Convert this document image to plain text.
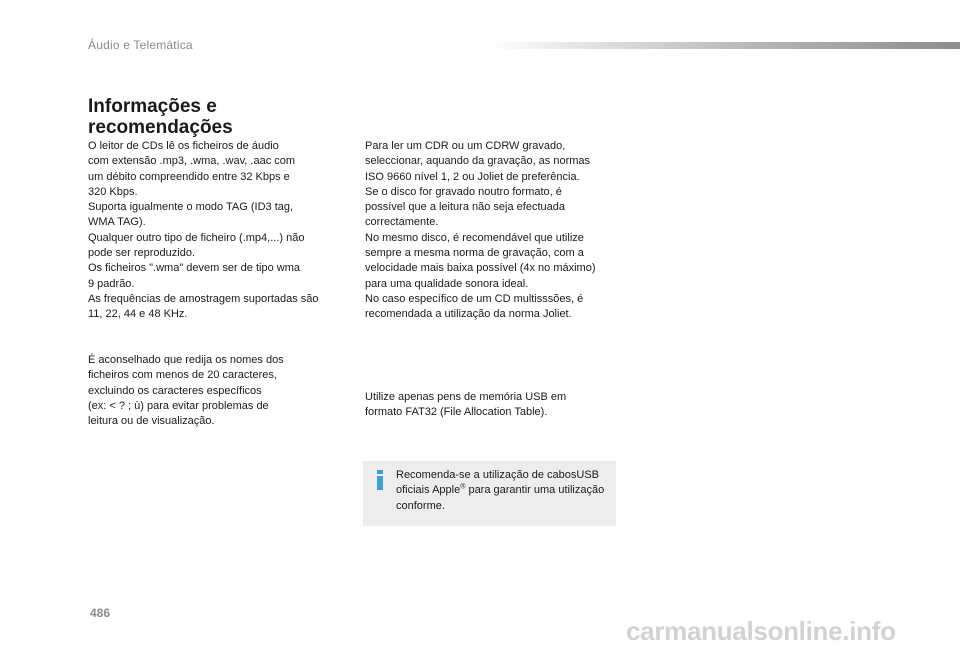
Áudio e Telemática
Informações e recomendações
O leitor de CDs lê os ficheiros de áudio
com extensão .mp3, .wma, .wav, .aac com
um débito compreendido entre 32 Kbps e
320 Kbps.
Suporta igualmente o modo TAG (ID3 tag,
WMA TAG).
Qualquer outro tipo de ficheiro (.mp4,...) não
pode ser reproduzido.
Os ficheiros ".wma" devem ser de tipo wma
9 padrão.
As frequências de amostragem suportadas são
11, 22, 44 e 48 KHz.
É aconselhado que redija os nomes dos
ficheiros com menos de 20 caracteres,
excluindo os caracteres específicos
(ex: < ? ; ù) para evitar problemas de
leitura ou de visualização.
Para ler um CDR ou um CDRW gravado,
seleccionar, aquando da gravação, as normas
ISO 9660 nível 1, 2 ou Joliet de preferência.
Se o disco for gravado noutro formato, é
possível que a leitura não seja efectuada
correctamente.
No mesmo disco, é recomendável que utilize
sempre a mesma norma de gravação, com a
velocidade mais baixa possível (4x no máximo)
para uma qualidade sonora ideal.
No caso específico de um CD multisssões, é
recomendada a utilização da norma Joliet.
Utilize apenas pens de memória USB em
formato FAT32 (File Allocation Table).
Recomenda-se a utilização de cabosUSB oficiais Apple® para garantir uma utilização conforme.
486
carmanualsonline.info
